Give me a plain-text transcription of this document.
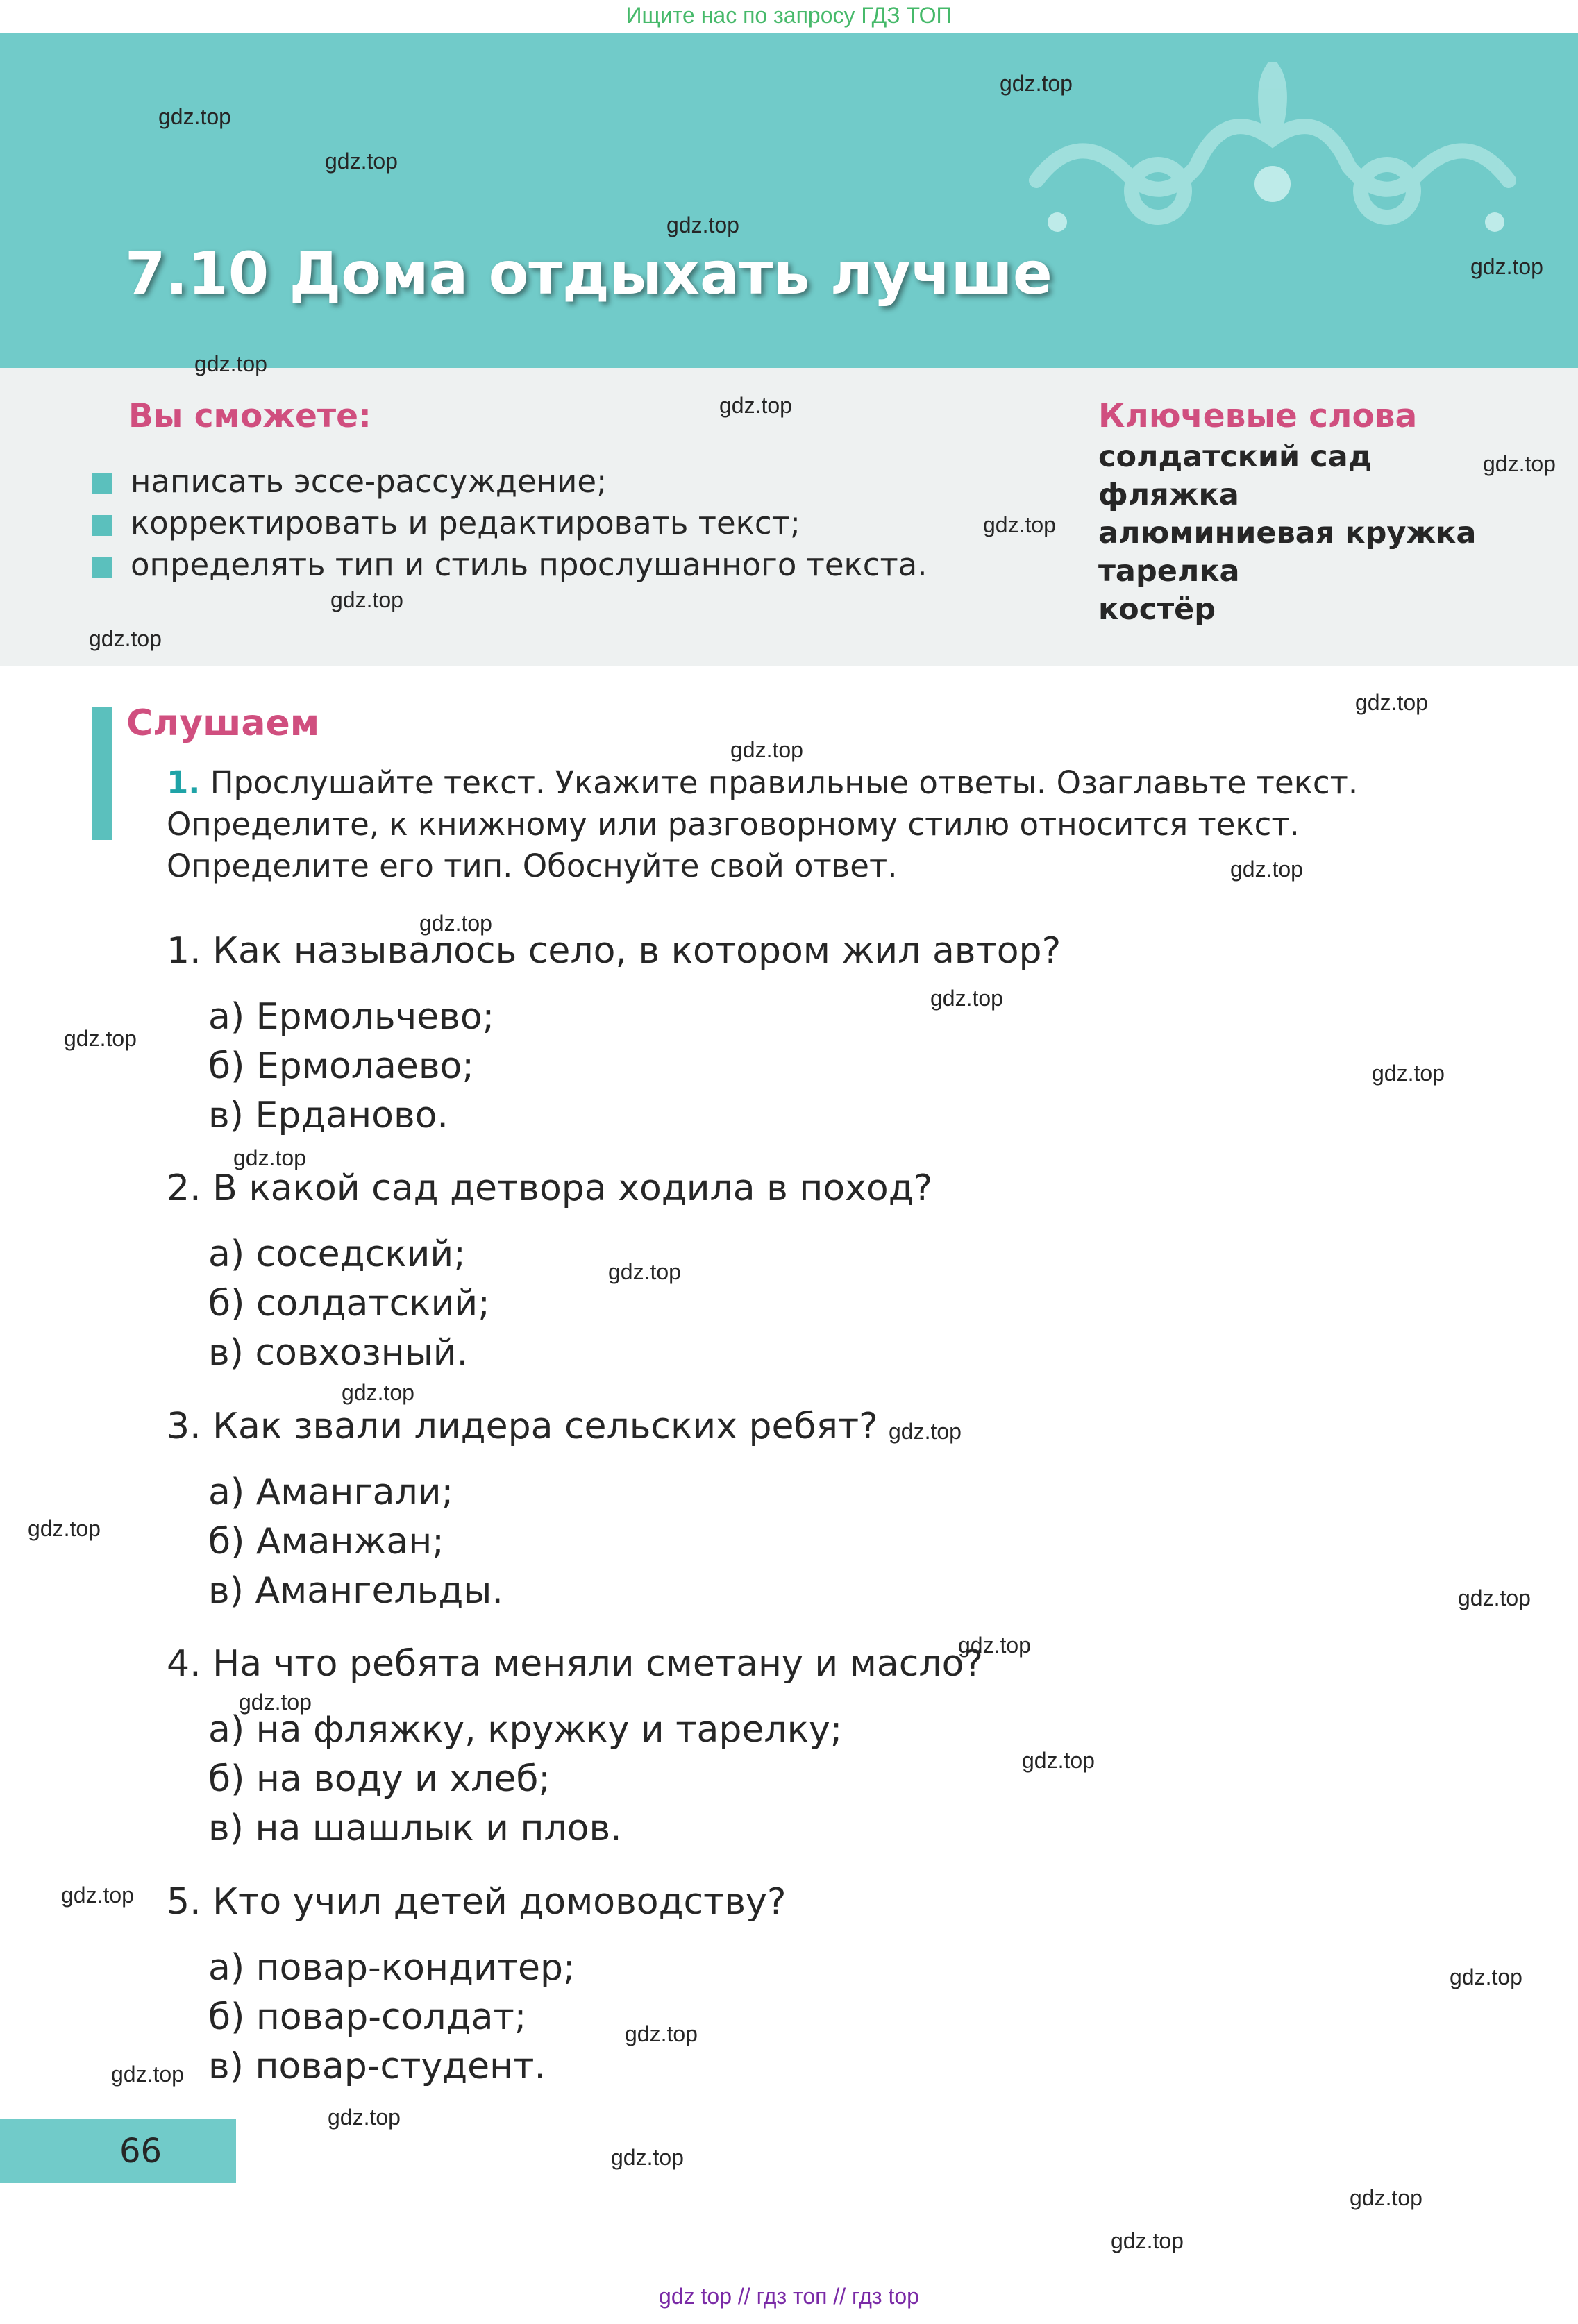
Ищите нас по запросу ГДЗ ТОП
7.10 Дома отдыхать лучше
Вы сможете:
написать эссе-рассуждение;
корректировать и редактировать текст;
определять тип и стиль прослушанного текста.
Ключевые слова
солдатский сад
фляжка
алюминиевая кружка
тарелка
костёр
Слушаем
1. Прослушайте текст. Укажите правильные ответы. Озаглавьте текст. Определите, к книжному или разговорному стилю относится текст. Определите его тип. Обоснуйте свой ответ.
1. Как называлось село, в котором жил автор?
а) Ермольчево;
б) Ермолаево;
в) Ерданово.
2. В какой сад детвора ходила в поход?
а) соседский;
б) солдатский;
в) совхозный.
3. Как звали лидера сельских ребят?
а) Амангали;
б) Аманжан;
в) Амангельды.
4. На что ребята меняли сметану и масло?
а) на фляжку, кружку и тарелку;
б) на воду и хлеб;
в) на шашлык и плов.
5. Кто учил детей домоводству?
а) повар-кондитер;
б) повар-солдат;
в) повар-студент.
66
gdz.top
gdz.top
gdz.top
gdz.top
gdz.top
gdz.top
gdz.top
gdz.top
gdz.top
gdz.top
gdz.top
gdz.top
gdz.top
gdz.top
gdz.top
gdz.top
gdz.top
gdz.top
gdz.top
gdz.top
gdz.top
gdz.top
gdz.top
gdz.top
gdz.top
gdz.top
gdz.top
gdz.top
gdz.top
gdz.top
gdz.top
gdz.top
gdz.top
gdz.top
gdz.top
gdz top // гдз топ // гдз top
